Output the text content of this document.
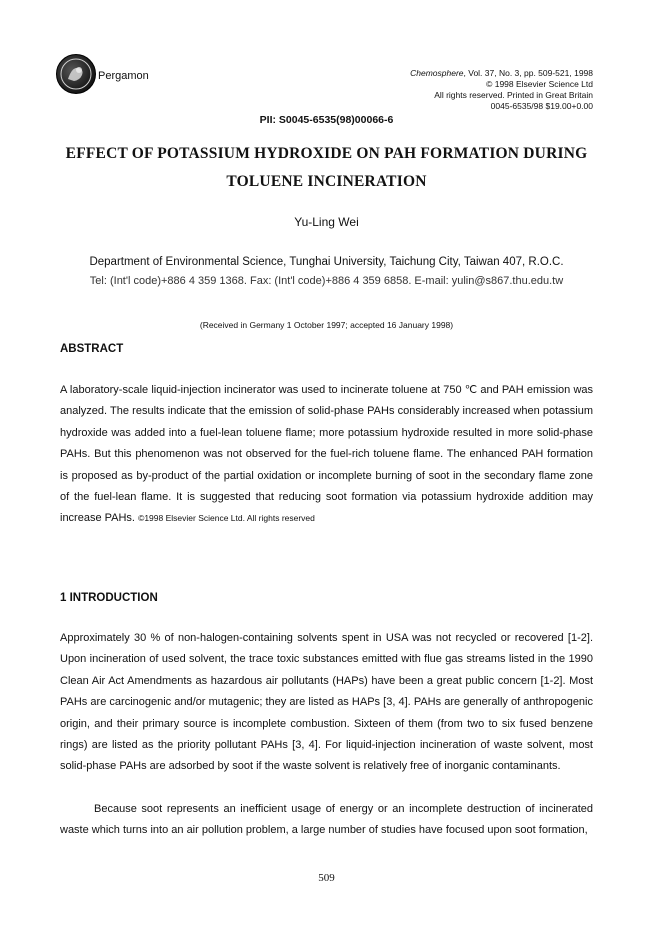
Pergamon	Chemosphere, Vol. 37, No. 3, pp. 509-521, 1998
© 1998 Elsevier Science Ltd
All rights reserved. Printed in Great Britain
0045-6535/98 $19.00+0.00
PII: S0045-6535(98)00066-6
EFFECT OF POTASSIUM HYDROXIDE ON PAH FORMATION DURING
TOLUENE INCINERATION
Yu-Ling Wei
Department of Environmental Science, Tunghai University, Taichung City, Taiwan 407, R.O.C.
Tel: (Int'l code)+886 4 359 1368. Fax: (Int'l code)+886 4 359 6858. E-mail: yulin@s867.thu.edu.tw
(Received in Germany 1 October 1997; accepted 16 January 1998)
ABSTRACT
A laboratory-scale liquid-injection incinerator was used to incinerate toluene at 750 ℃ and PAH emission was analyzed. The results indicate that the emission of solid-phase PAHs considerably increased when potassium hydroxide was added into a fuel-lean toluene flame; more potassium hydroxide resulted in more solid-phase PAHs. But this phenomenon was not observed for the fuel-rich toluene flame. The enhanced PAH formation is proposed as by-product of the partial oxidation or incomplete burning of soot in the secondary flame zone of the fuel-lean flame. It is suggested that reducing soot formation via potassium hydroxide addition may increase PAHs. ©1998 Elsevier Science Ltd. All rights reserved
1 INTRODUCTION
Approximately 30 % of non-halogen-containing solvents spent in USA was not recycled or recovered [1-2]. Upon incineration of used solvent, the trace toxic substances emitted with flue gas streams listed in the 1990 Clean Air Act Amendments as hazardous air pollutants (HAPs) have been a great public concern [1-2]. Most PAHs are carcinogenic and/or mutagenic; they are listed as HAPs [3, 4]. PAHs are generally of anthropogenic origin, and their primary source is incomplete combustion. Sixteen of them (from two to six fused benzene rings) are listed as the priority pollutant PAHs [3, 4]. For liquid-injection incineration of waste solvent, most solid-phase PAHs are adsorbed by soot if the waste solvent is relatively free of inorganic contaminants.
Because soot represents an inefficient usage of energy or an incomplete destruction of incinerated waste which turns into an air pollution problem, a large number of studies have focused upon soot formation,
509
